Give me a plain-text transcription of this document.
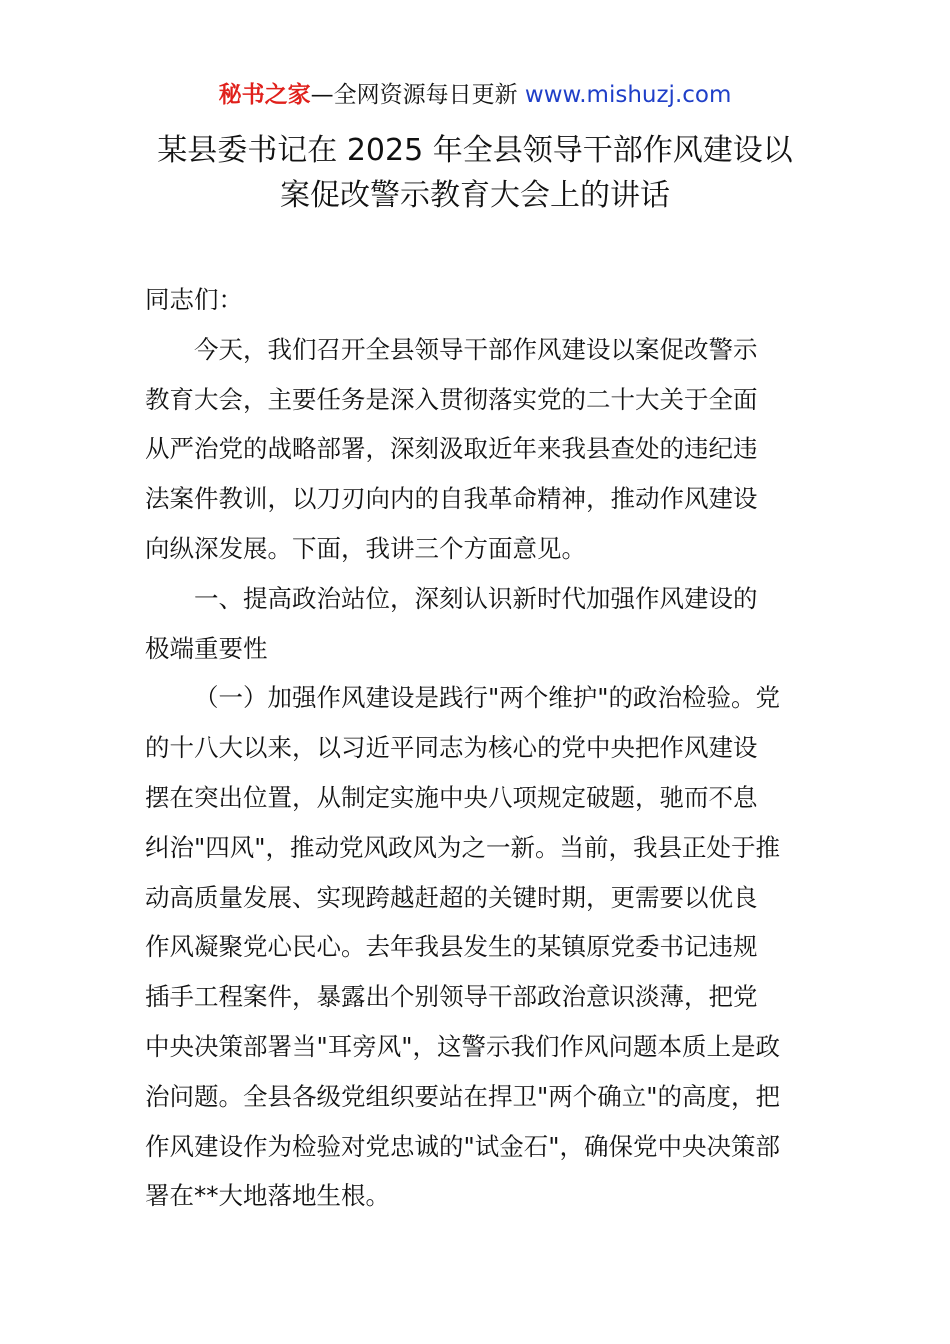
秘书之家—全网资源每日更新 www.mishuzj.com
某县委书记在 2025 年全县领导干部作风建设以
案促改警示教育大会上的讲话
同志们：
今天，我们召开全县领导干部作风建设以案促改警示
教育大会，主要任务是深入贯彻落实党的二十大关于全面
从严治党的战略部署，深刻汲取近年来我县查处的违纪违
法案件教训，以刀刃向内的自我革命精神，推动作风建设
向纵深发展。下面，我讲三个方面意见。
一、提高政治站位，深刻认识新时代加强作风建设的
极端重要性
（一）加强作风建设是践行"两个维护"的政治检验。党
的十八大以来，以习近平同志为核心的党中央把作风建设
摆在突出位置，从制定实施中央八项规定破题，驰而不息
纠治"四风"，推动党风政风为之一新。当前，我县正处于推
动高质量发展、实现跨越赶超的关键时期，更需要以优良
作风凝聚党心民心。去年我县发生的某镇原党委书记违规
插手工程案件，暴露出个别领导干部政治意识淡薄，把党
中央决策部署当"耳旁风"，这警示我们作风问题本质上是政
治问题。全县各级党组织要站在捍卫"两个确立"的高度，把
作风建设作为检验对党忠诚的"试金石"，确保党中央决策部
署在**大地落地生根。
